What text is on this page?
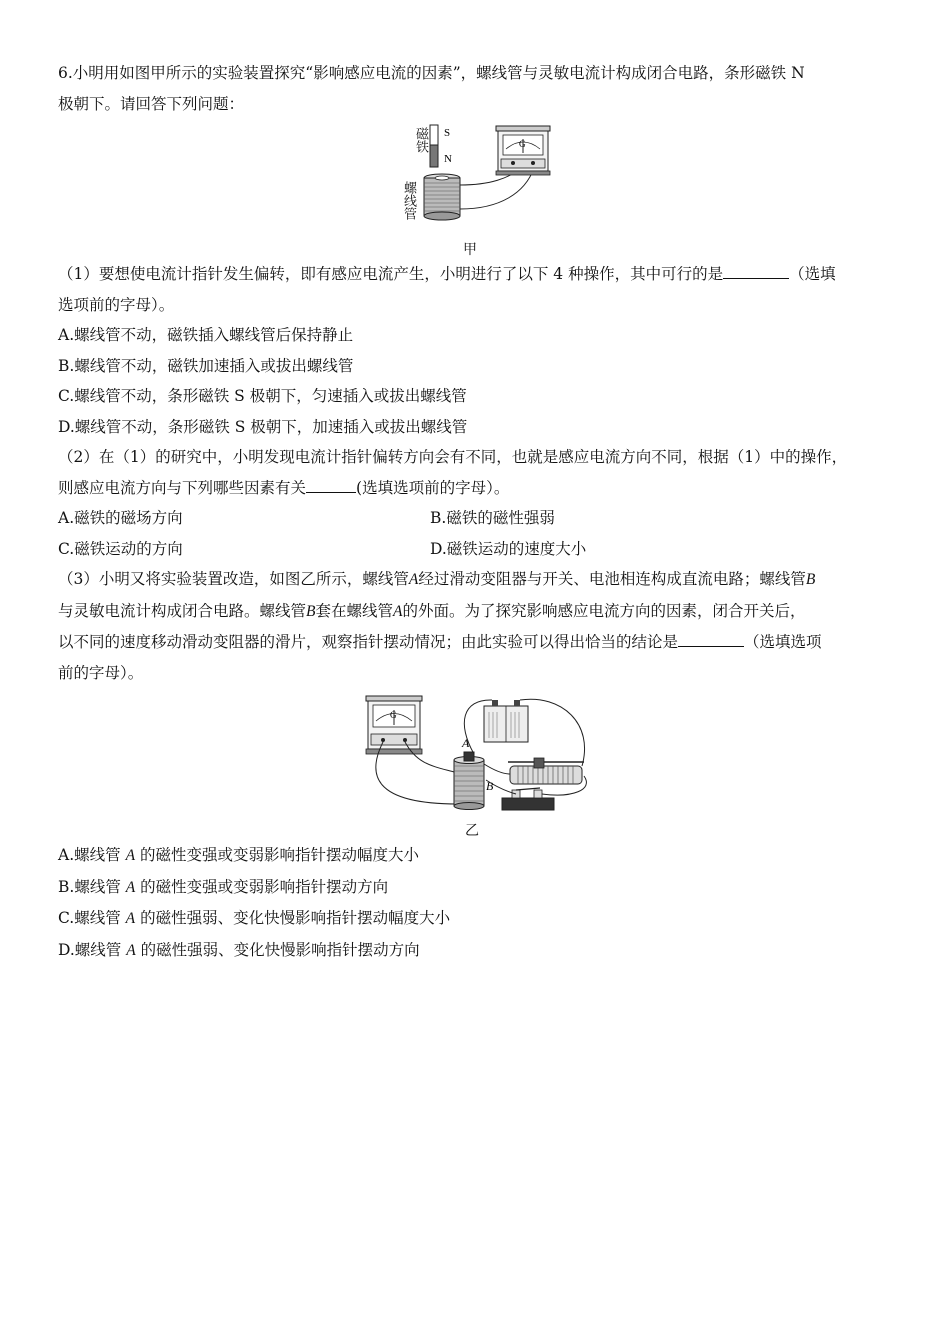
6.小明用如图甲所示的实验装置探究“影响感应电流的因素”，螺线管与灵敏电流计构成闭合电路，条形磁铁 N
极朝下。请回答下列问题：
S
N
G
磁铁
螺线管
甲
（1）要想使电流计指针发生偏转，即有感应电流产生，小明进行了以下 4 种操作，其中可行的是	（选填
选项前的字母）。
A.螺线管不动，磁铁插入螺线管后保持静止
B.螺线管不动，磁铁加速插入或拔出螺线管
C.螺线管不动，条形磁铁 S 极朝下，匀速插入或拔出螺线管
D.螺线管不动，条形磁铁 S 极朝下，加速插入或拔出螺线管
（2）在（1）的研究中，小明发现电流计指针偏转方向会有不同，也就是感应电流方向不同，根据（1）中的操作，
则感应电流方向与下列哪些因素有关	(选填选项前的字母）。
A.磁铁的磁场方向	B.磁铁的磁性强弱
C.磁铁运动的方向	D.磁铁运动的速度大小
（3）小明又将实验装置改造，如图乙所示，螺线管A经过滑动变阻器与开关、电池相连构成直流电路；螺线管B
与灵敏电流计构成闭合电路。螺线管B套在螺线管A的外面。为了探究影响感应电流方向的因素，闭合开关后，
以不同的速度移动滑动变阻器的滑片，观察指针摆动情况；由此实验可以得出恰当的结论是	（选填选项
前的字母）。
G
A
B
乙
A.螺线管 A 的磁性变强或变弱影响指针摆动幅度大小
B.螺线管 A 的磁性变强或变弱影响指针摆动方向
C.螺线管 A 的磁性强弱、变化快慢影响指针摆动幅度大小
D.螺线管 A 的磁性强弱、变化快慢影响指针摆动方向
